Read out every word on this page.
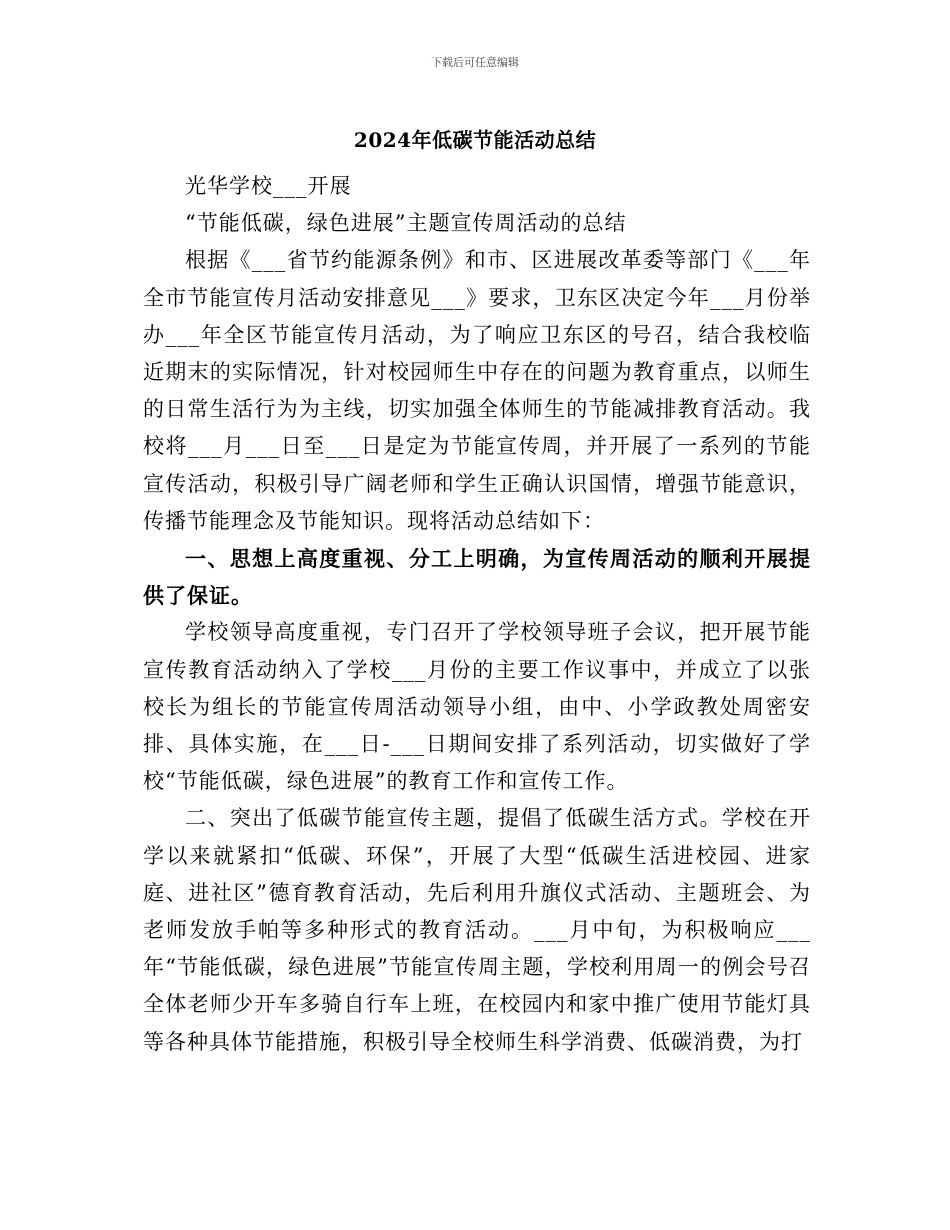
下载后可任意编辑
2024年低碳节能活动总结

光华学校___开展

“节能低碳，绿色进展”主题宣传周活动的总结

根据《___省节约能源条例》和市、区进展改革委等部门《___年全市节能宣传月活动安排意见___》要求，卫东区决定今年___月份举办___年全区节能宣传月活动，为了响应卫东区的号召，结合我校临近期末的实际情况，针对校园师生中存在的问题为教育重点，以师生的日常生活行为为主线，切实加强全体师生的节能减排教育活动。我校将___月___日至___日是定为节能宣传周，并开展了一系列的节能宣传活动，积极引导广阔老师和学生正确认识国情，增强节能意识，传播节能理念及节能知识。现将活动总结如下：

一、思想上高度重视、分工上明确，为宣传周活动的顺利开展提供了保证。

学校领导高度重视，专门召开了学校领导班子会议，把开展节能宣传教育活动纳入了学校___月份的主要工作议事中，并成立了以张校长为组长的节能宣传周活动领导小组，由中、小学政教处周密安排、具体实施，在___日-___日期间安排了系列活动，切实做好了学校“节能低碳，绿色进展”的教育工作和宣传工作。

二、突出了低碳节能宣传主题，提倡了低碳生活方式。学校在开学以来就紧扣“低碳、环保”，开展了大型“低碳生活进校园、进家庭、进社区”德育教育活动，先后利用升旗仪式活动、主题班会、为老师发放手帕等多种形式的教育活动。___月中旬，为积极响应___年“节能低碳，绿色进展”节能宣传周主题，学校利用周一的例会号召全体老师少开车多骑自行车上班，在校园内和家中推广使用节能灯具等各种具体节能措施，积极引导全校师生科学消费、低碳消费，为打
